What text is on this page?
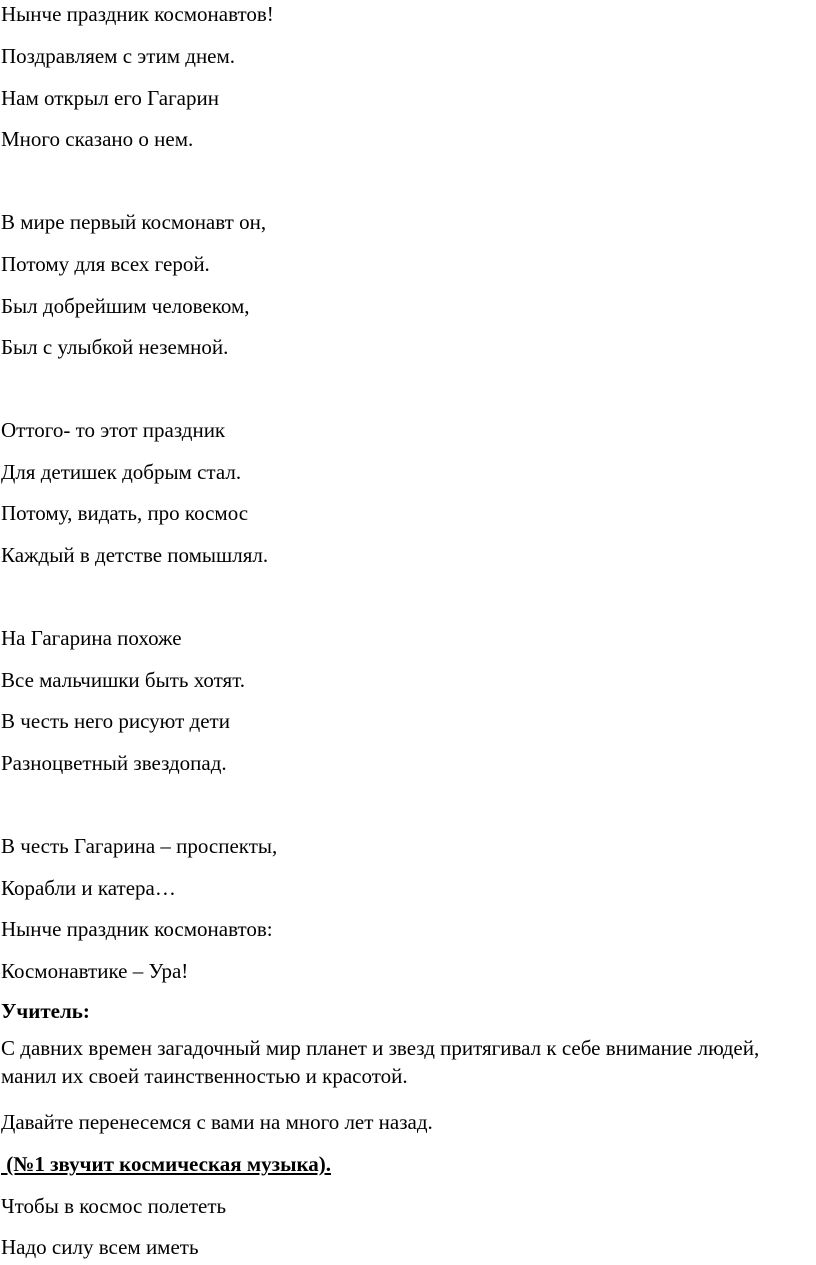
Нынче праздник космонавтов!

Поздравляем с этим днем.

Нам открыл его Гагарин

Много сказано о нем.

В мире первый космонавт он,

Потому для всех герой.

Был добрейшим человеком,

Был с улыбкой неземной.

Оттого- то этот праздник

Для детишек добрым стал.

Потому, видать, про космос

Каждый в детстве помышлял.

На Гагарина похоже

Все мальчишки быть хотят.

В честь него рисуют дети

Разноцветный звездопад.

В честь Гагарина – проспекты,

Корабли и катера…

Нынче праздник космонавтов:

Космонавтике – Ура!

Учитель:

С давних времен загадочный мир планет и звезд притягивал к себе внимание людей, манил их своей таинственностью и красотой.

Давайте перенесемся с вами на много лет назад.

(№1 звучит космическая музыка).

Чтобы в космос полететь

Надо силу всем иметь
